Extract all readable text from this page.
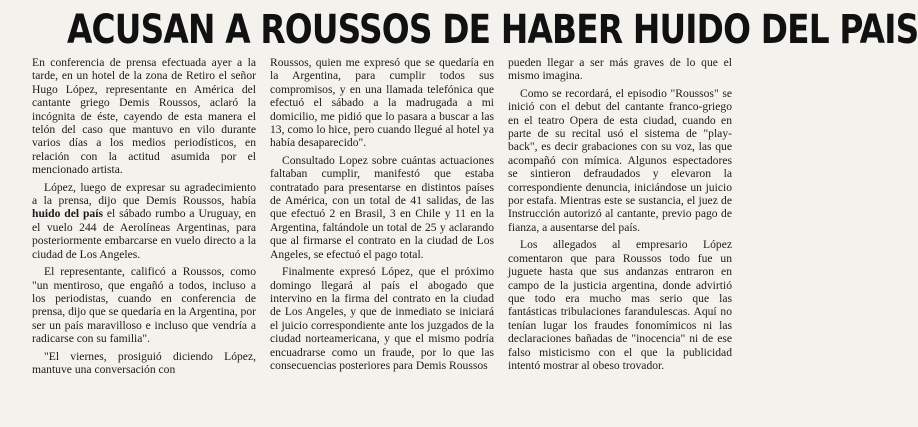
ACUSAN A ROUSSOS DE HABER HUIDO DEL PAIS

En conferencia de prensa efectuada ayer a la tarde, en un hotel de la zona de Retiro el señor Hugo López, representante en América del cantante griego Demis Roussos, aclaró la incógnita de éste, cayendo de esta manera el telón del caso que mantuvo en vilo durante varios días a los medios periodísticos, en relación con la actitud asumida por el mencionado artista.

López, luego de expresar su agradecimiento a la prensa, dijo que Demis Roussos, había huido del país el sábado rumbo a Uruguay, en el vuelo 244 de Aerolíneas Argentinas, para posteriormente embarcarse en vuelo directo a la ciudad de Los Angeles.

El representante, calificó a Roussos, como "un mentiroso, que engañó a todos, incluso a los periodistas, cuando en conferencia de prensa, dijo que se quedaría en la Argentina, por ser un país maravilloso e incluso que vendría a radicarse con su familia".

"El viernes, prosiguió diciendo López, mantuve una conversación con

Roussos, quien me expresó que se quedaría en la Argentina, para cumplir todos sus compromisos, y en una llamada telefónica que efectuó el sábado a la madrugada a mi domicilio, me pidió que lo pasara a buscar a las 13, como lo hice, pero cuando llegué al hotel ya había desaparecido".

Consultado Lopez sobre cuántas actuaciones faltaban cumplir, manifestó que estaba contratado para presentarse en distintos países de América, con un total de 41 salidas, de las que efectuó 2 en Brasil, 3 en Chile y 11 en la Argentina, faltándole un total de 25 y aclarando que al firmarse el contrato en la ciudad de Los Angeles, se efectuó el pago total.

Finalmente expresó López, que el próximo domingo llegará al país el abogado que intervino en la firma del contrato en la ciudad de Los Angeles, y que de inmediato se iniciará el juicio correspondiente ante los juzgados de la ciudad norteamericana, y que el mismo podría encuadrarse como un fraude, por lo que las consecuencias posteriores para Demis Roussos

pueden llegar a ser más graves de lo que el mismo imagina.

Como se recordará, el episodio "Roussos" se inició con el debut del cantante franco-griego en el teatro Opera de esta ciudad, cuando en parte de su recital usó el sistema de "play-back", es decir grabaciones con su voz, las que acompañó con mímica. Algunos espectadores se sintieron defraudados y elevaron la correspondiente denuncia, iniciándose un juicio por estafa. Mientras este se sustancia, el juez de Instrucción autorizó al cantante, previo pago de fianza, a ausentarse del país.

Los allegados al empresario López comentaron que para Roussos todo fue un juguete hasta que sus andanzas entraron en campo de la justicia argentina, donde advirtió que todo era mucho mas serio que las fantásticas tribulaciones farandulescas. Aquí no tenían lugar los fraudes fonomímicos ni las declaraciones bañadas de "inocencia" ni de ese falso misticismo con el que la publicidad intentó mostrar al obeso trovador.
